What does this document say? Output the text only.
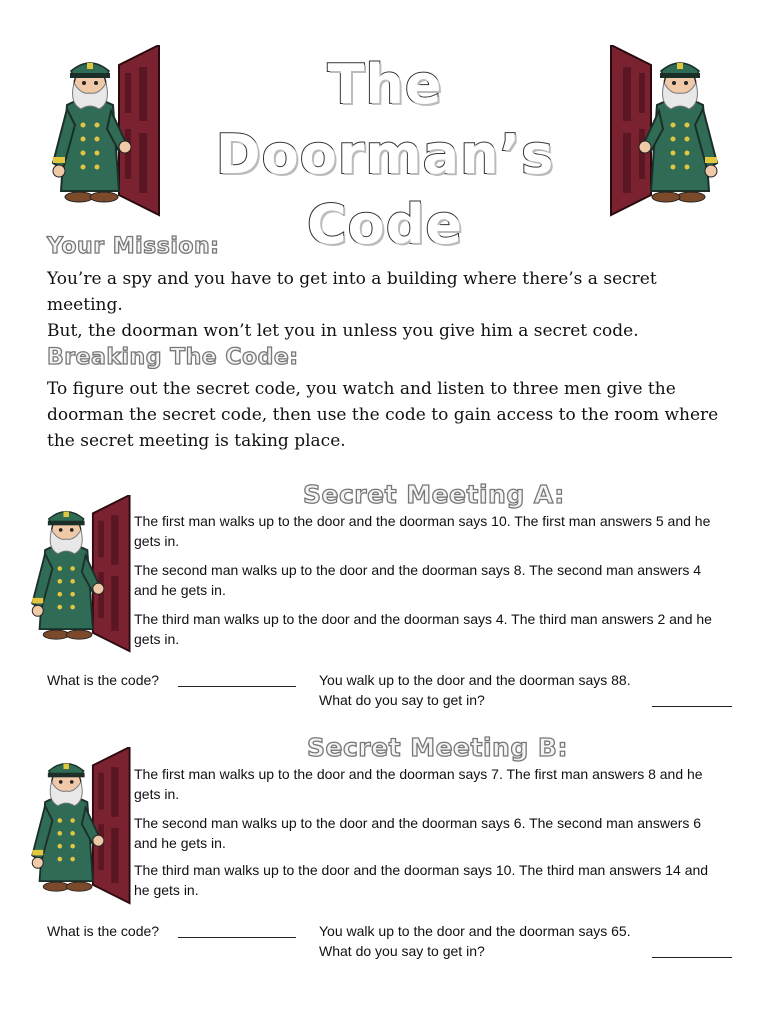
The Doorman’s
Code
Your Mission:
You’re a spy and you have to get into a building where there’s a secret meeting.
But, the doorman won’t let you in unless you give him a secret code.
Breaking The Code:
To figure out the secret code, you watch and listen to three men give the
doorman the secret code, then use the code to gain access to the room where
the secret meeting is taking place.
Secret Meeting A:
The first man walks up to the door and the doorman says 10. The first man answers 5 and he
gets in.
The second man walks up to the door and the doorman says 8. The second man answers 4
and he gets in.
The third man walks up to the door and the doorman says 4. The third man answers 2 and he
gets in.
What is the code?	You walk up to the door and the doorman says 88.
What do you say to get in?
Secret Meeting B:
The first man walks up to the door and the doorman says 7. The first man answers 8 and he
gets in.
The second man walks up to the door and the doorman says 6. The second man answers 6
and he gets in.
The third man walks up to the door and the doorman says 10. The third man answers 14 and
he gets in.
What is the code?	You walk up to the door and the doorman says 65.
What do you say to get in?
